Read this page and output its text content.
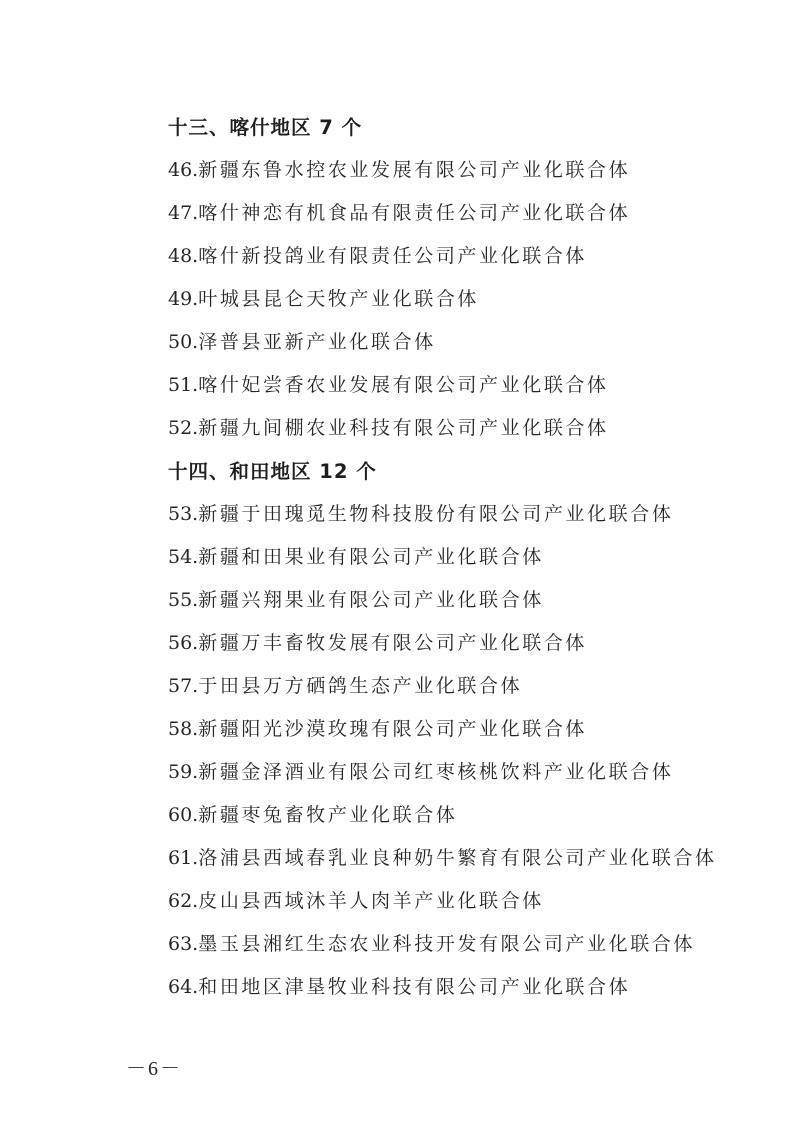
十三、喀什地区 7 个
46.新疆东鲁水控农业发展有限公司产业化联合体
47.喀什神恋有机食品有限责任公司产业化联合体
48.喀什新投鸽业有限责任公司产业化联合体
49.叶城县昆仑天牧产业化联合体
50.泽普县亚新产业化联合体
51.喀什妃尝香农业发展有限公司产业化联合体
52.新疆九间棚农业科技有限公司产业化联合体
十四、和田地区 12 个
53.新疆于田瑰觅生物科技股份有限公司产业化联合体
54.新疆和田果业有限公司产业化联合体
55.新疆兴翔果业有限公司产业化联合体
56.新疆万丰畜牧发展有限公司产业化联合体
57.于田县万方硒鸽生态产业化联合体
58.新疆阳光沙漠玫瑰有限公司产业化联合体
59.新疆金泽酒业有限公司红枣核桃饮料产业化联合体
60.新疆枣兔畜牧产业化联合体
61.洛浦县西域春乳业良种奶牛繁育有限公司产业化联合体
62.皮山县西域沐羊人肉羊产业化联合体
63.墨玉县湘红生态农业科技开发有限公司产业化联合体
64.和田地区津垦牧业科技有限公司产业化联合体
－6－
